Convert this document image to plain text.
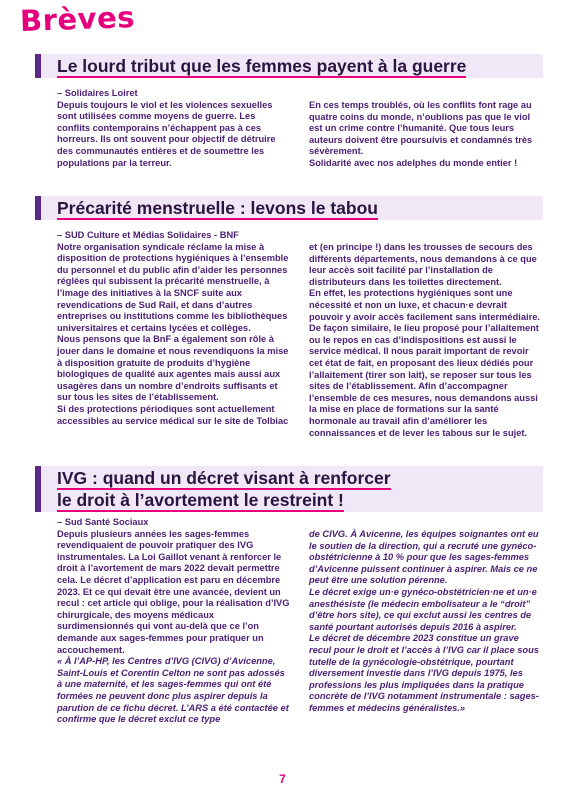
Brèves
Le lourd tribut que les femmes payent à la guerre

– Solidaires Loiret

Depuis toujours le viol et les violences sexuelles sont utilisées comme moyens de guerre. Les conflits contemporains n’échappent pas à ces horreurs. Ils ont souvent pour objectif de détruire des communautés entières et de soumettre les populations par la terreur.

En ces temps troublés, où les conflits font rage au quatre coins du monde, n’oublions pas que le viol est un crime contre l’humanité. Que tous leurs auteurs doivent être poursuivis et condamnés très sévèrement.

Solidarité avec nos adelphes du monde entier !

Précarité menstruelle : levons le tabou

– SUD Culture et Médias Solidaires - BNF

Notre organisation syndicale réclame la mise à disposition de protections hygiéniques à l’ensemble du personnel et du public afin d’aider les personnes réglées qui subissent la précarité menstruelle, à l’image des initiatives à la SNCF suite aux revendications de Sud Rail, et dans d’autres entreprises ou institutions comme les bibliothèques universitaires et certains lycées et collèges.

Nous pensons que la BnF a également son rôle à jouer dans le domaine et nous revendiquons la mise à disposition gratuite de produits d’hygiène biologiques de qualité aux agentes mais aussi aux usagères dans un nombre d’endroits suffisants et sur tous les sites de l’établissement.

Si des protections périodiques sont actuellement accessibles au service médical sur le site de Tolbiac

et (en principe !) dans les trousses de secours des différents départements, nous demandons à ce que leur accès soit facilité par l’installation de distributeurs dans les toilettes directement.

En effet, les protections hygiéniques sont une nécessité et non un luxe, et chacun·e devrait pouvoir y avoir accès facilement sans intermédiaire.

De façon similaire, le lieu proposé pour l’allaitement ou le repos en cas d’indispositions est aussi le service médical. Il nous parait important de revoir cet état de fait, en proposant des lieux dédiés pour l’allaitement (tirer son lait), se reposer sur tous les sites de l’établissement. Afin d’accompagner l’ensemble de ces mesures, nous demandons aussi la mise en place de formations sur la santé hormonale au travail afin d’améliorer les connaissances et de lever les tabous sur le sujet.

IVG : quand un décret visant à renforcer
le droit à l’avortement le restreint !

– Sud Santé Sociaux

Depuis plusieurs années les sages-femmes revendiquaient de pouvoir pratiquer des IVG instrumentales. La Loi Gaillot venant à renforcer le droit à l’avortement de mars 2022 devait permettre cela. Le décret d’application est paru en décembre 2023. Et ce qui devait être une avancée, devient un recul : cet article qui oblige, pour la réalisation d’IVG chirurgicale, des moyens médicaux surdimensionnés qui vont au-delà que ce l’on demande aux sages-femmes pour pratiquer un accouchement.

« À l’AP-HP, les Centres d’IVG (CIVG) d’Avicenne, Saint-Louis et Corentin Celton ne sont pas adossés à une maternité, et les sages-femmes qui ont été formées ne peuvent donc plus aspirer depuis la parution de ce fichu décret. L’ARS a été contactée et confirme que le décret exclut ce type

de CIVG. À Avicenne, les équipes soignantes ont eu le soutien de la direction, qui a recruté une gynéco-obstétricienne à 10 % pour que les sages-femmes d’Avicenne puissent continuer à aspirer. Mais ce ne peut être une solution pérenne.

Le décret exige un·e gynéco-obstétricien·ne et un·e anesthésiste (le médecin embolisateur a le “droit” d’être hors site), ce qui exclut aussi les centres de santé pourtant autorisés depuis 2016 à aspirer.

Le décret de décembre 2023 constitue un grave recul pour le droit et l’accès à l’IVG car il place sous tutelle de la gynécologie-obstétrique, pourtant diversement investie dans l’IVG depuis 1975, les professions les plus impliquées dans la pratique concrète de l’IVG notamment instrumentale : sages-femmes et médecins généralistes.»

7
